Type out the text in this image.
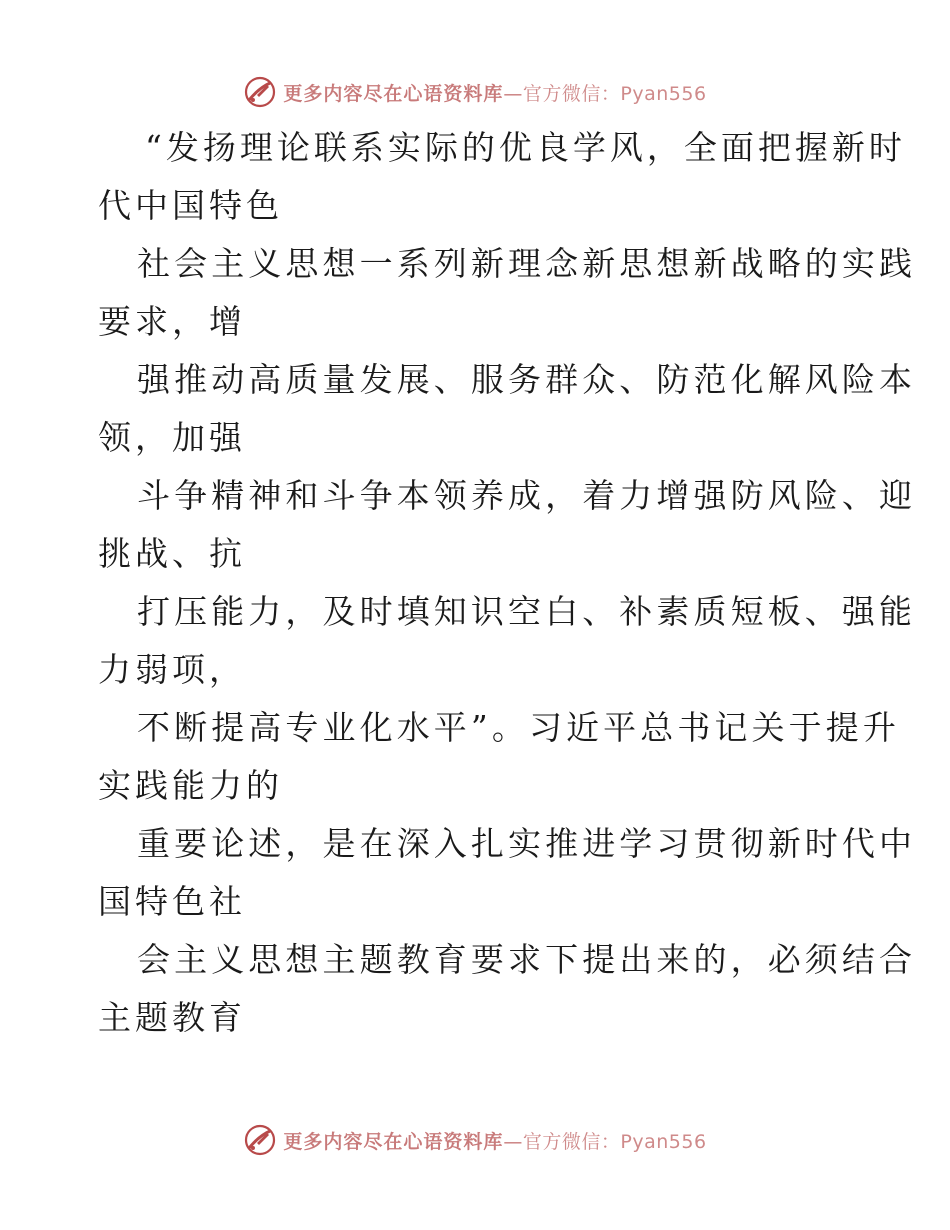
更多内容尽在心语资料库—官方微信：Pyan556
“发扬理论联系实际的优良学风，全面把握新时
代中国特色
社会主义思想一系列新理念新思想新战略的实践
要求，增
强推动高质量发展、服务群众、防范化解风险本
领，加强
斗争精神和斗争本领养成，着力增强防风险、迎
挑战、抗
打压能力，及时填知识空白、补素质短板、强能
力弱项，
不断提高专业化水平”。习近平总书记关于提升
实践能力的
重要论述，是在深入扎实推进学习贯彻新时代中
国特色社
会主义思想主题教育要求下提出来的，必须结合
主题教育
更多内容尽在心语资料库—官方微信：Pyan556
